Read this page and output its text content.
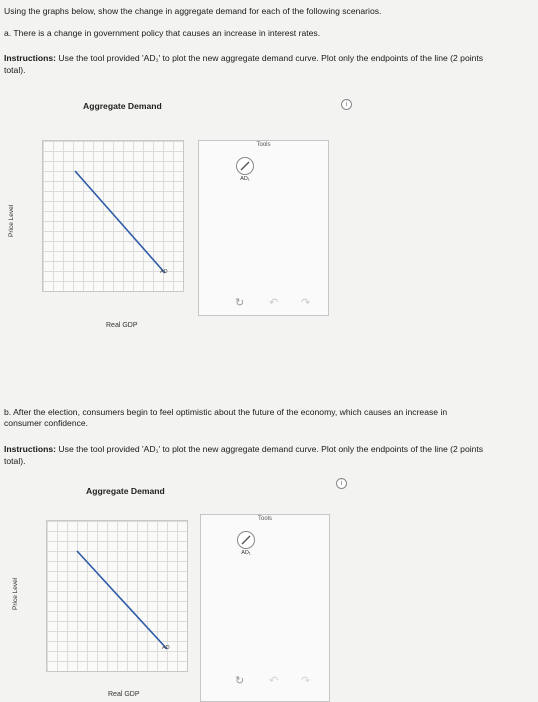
Using the graphs below, show the change in aggregate demand for each of the following scenarios.
a. There is a change in government policy that causes an increase in interest rates.
Instructions: Use the tool provided 'AD₁' to plot the new aggregate demand curve. Plot only the endpoints of the line (2 points
total).
Aggregate Demand	i
Price Level
AD
Real GDP
Tools
AD₁
↻ ↶ ↷
b. After the election, consumers begin to feel optimistic about the future of the economy, which causes an increase in
consumer confidence.
Instructions: Use the tool provided 'AD₁' to plot the new aggregate demand curve. Plot only the endpoints of the line (2 points
total).
Aggregate Demand
i
Price Level
AD
Real GDP
Tools
AD₁
↻ ↶ ↷
